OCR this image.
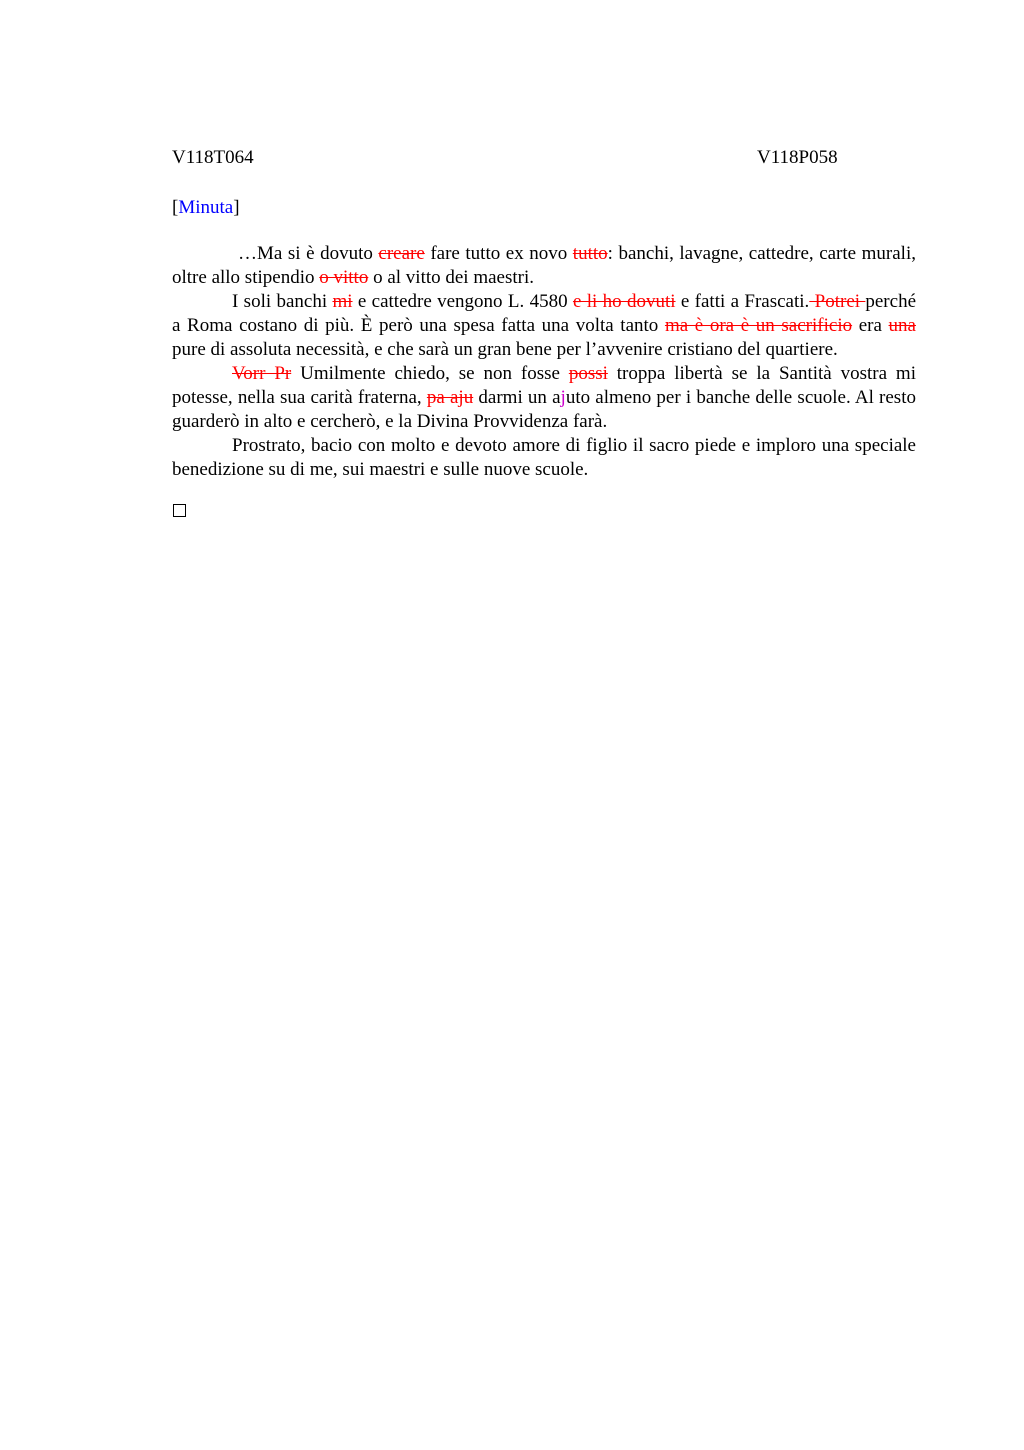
V118T064	V118P058
[Minuta]

…Ma si è dovuto creare fare tutto ex novo tutto: banchi, lavagne, cattedre, carte murali, oltre allo stipendio o vitto o al vitto dei maestri.

I soli banchi mi e cattedre vengono L. 4580 e li ho dovuti e fatti a Frascati. Potrei perché a Roma costano di più. È però una spesa fatta una volta tanto ma è ora è un sacrificio era una pure di assoluta necessità, e che sarà un gran bene per l’avvenire cristiano del quartiere.

Vorr Pr Umilmente chiedo, se non fosse possi troppa libertà se la Santità vostra mi potesse, nella sua carità fraterna, pa aju darmi un ajuto almeno per i banche delle scuole. Al resto guarderò in alto e cercherò, e la Divina Provvidenza farà.

Prostrato, bacio con molto e devoto amore di figlio il sacro piede e imploro una speciale benedizione su di me, sui maestri e sulle nuove scuole.
